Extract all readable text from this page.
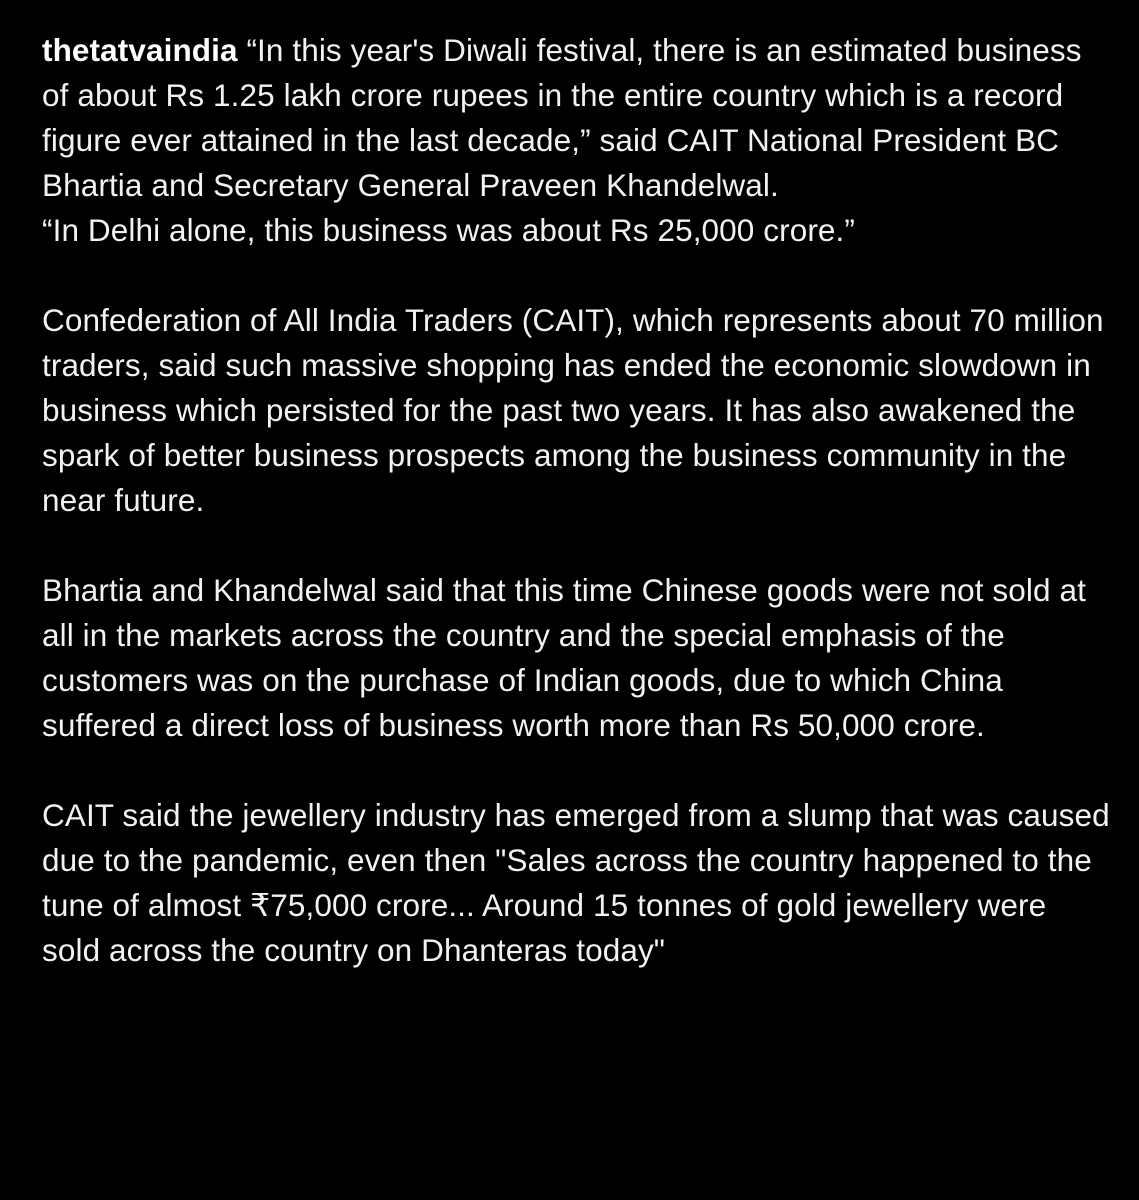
thetatvaindia “In this year's Diwali festival, there is an estimated business of about Rs 1.25 lakh crore rupees in the entire country which is a record figure ever attained in the last decade,” said CAIT National President BC Bhartia and Secretary General Praveen Khandelwal.

“In Delhi alone, this business was about Rs 25,000 crore.”

Confederation of All India Traders (CAIT), which represents about 70 million traders, said such massive shopping has ended the economic slowdown in business which persisted for the past two years. It has also awakened the spark of better business prospects among the business community in the near future.

Bhartia and Khandelwal said that this time Chinese goods were not sold at all in the markets across the country and the special emphasis of the customers was on the purchase of Indian goods, due to which China suffered a direct loss of business worth more than Rs 50,000 crore.

CAIT said the jewellery industry has emerged from a slump that was caused due to the pandemic, even then "Sales across the country happened to the tune of almost ₹75,000 crore... Around 15 tonnes of gold jewellery were sold across the country on Dhanteras today"
